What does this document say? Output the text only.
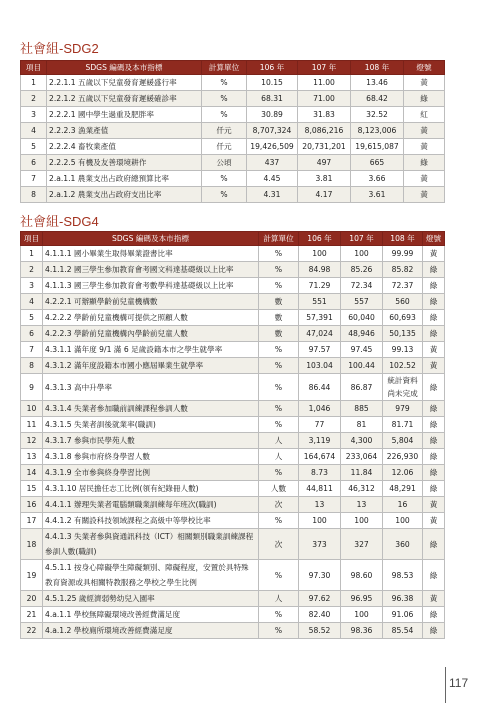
社會組-SDG2
項目	SDGS 編碼及本市指標	計算單位	106 年	107 年	108 年	燈號
1	2.2.1.1 五歲以下兒童發育遲緩盛行率	%	10.15	11.00	13.46	黃
2	2.2.1.2 五歲以下兒童發育遲緩確診率	%	68.31	71.00	68.42	綠
3	2.2.2.1 國中學生過重及肥胖率	%	30.89	31.83	32.52	紅
4	2.2.2.3 漁業產值	仟元	8,707,324	8,086,216	8,123,006	黃
5	2.2.2.4 畜牧業產值	仟元	19,426,509	20,731,201	19,615,087	黃
6	2.2.2.5 有機及友善環境耕作	公頃	437	497	665	綠
7	2.a.1.1 農業支出占政府總預算比率	%	4.45	3.81	3.66	黃
8	2.a.1.2 農業支出占政府支出比率	%	4.31	4.17	3.61	黃
社會組-SDG4
項目	SDGS 編碼及本市指標	計算單位	106 年	107 年	108 年	燈號
1	4.1.1.1 國小畢業生取得畢業證書比率	%	100	100	99.99	黃
2	4.1.1.2 國三學生參加教育會考國文科達基礎級以上比率	%	84.98	85.26	85.82	綠
3	4.1.1.3 國三學生參加教育會考數學科達基礎級以上比率	%	71.29	72.34	72.37	綠
4	4.2.2.1 可辦顯學齡前兒童機構數	數	551	557	560	綠
5	4.2.2.2 學齡前兒童機構可提供之照顧人數	數	57,391	60,040	60,693	綠
6	4.2.2.3 學齡前兒童機構內學齡前兒童人數	數	47,024	48,946	50,135	綠
7	4.3.1.1 滿年度 9/1 滿 6 足歲設籍本市之學生就學率	%	97.57	97.45	99.13	黃
8	4.3.1.2 滿年度設籍本市國小應屆畢業生就學率	%	103.04	100.44	102.52	黃
9	4.3.1.3 高中升學率	%	86.44	86.87	統計資料尚未完成	綠
10	4.3.1.4 失業者參加職前訓練課程參訓人數	%	1,046	885	979	綠
11	4.3.1.5 失業者訓後就業率(職訓)	%	77	81	81.71	綠
12	4.3.1.7 參與市民學苑人數	人	3,119	4,300	5,804	綠
13	4.3.1.8 參與市府終身學習人數	人	164,674	233,064	226,930	綠
14	4.3.1.9 全市參與終身學習比例	%	8.73	11.84	12.06	綠
15	4.3.1.10 居民擔任志工比例(領有紀錄冊人數)	人數	44,811	46,312	48,291	綠
16	4.4.1.1 辦理失業者電腦類職業訓練每年班次(職訓)	次	13	13	16	黃
17	4.4.1.2 有關設科技領域課程之高級中等學校比率	%	100	100	100	黃
18	4.4.1.3 失業者參與資通訊科技（ICT）相關類別職業訓練課程參訓人數(職訓)	次	373	327	360	綠
19	4.5.1.1 按身心障礙學生障礙類別、障礙程度，安置於具特殊教育資源或具相關特教服務之學校之學生比例	%	97.30	98.60	98.53	綠
20	4.5.1.25 歲經濟弱勢幼兒入園率	人	97.62	96.95	96.38	黃
21	4.a.1.1 學校無障礙環境改善經費滿足度	%	82.40	100	91.06	綠
22	4.a.1.2 學校廁所環境改善經費滿足度	%	58.52	98.36	85.54	綠
117
